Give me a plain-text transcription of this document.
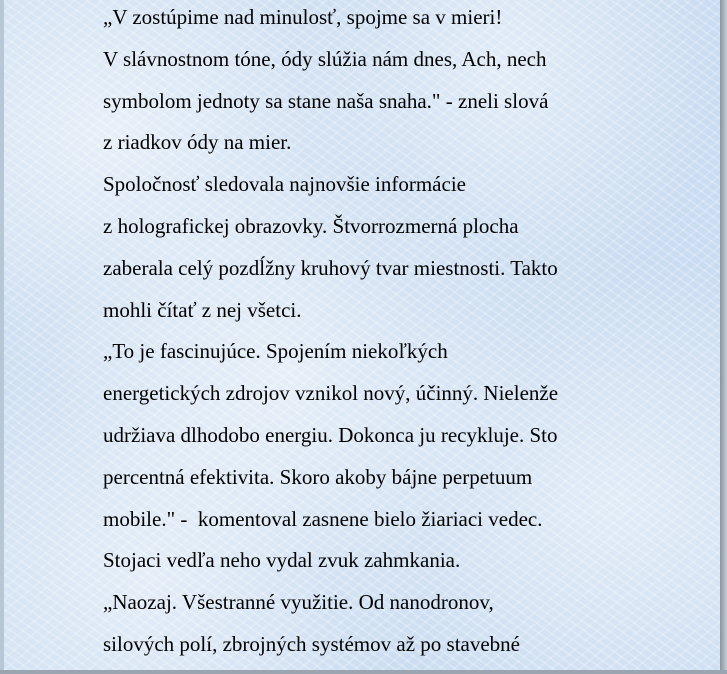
„V zostúpime nad minulosť, spojme sa v mieri!
V slávnostnom tóne, ódy slúžia nám dnes, Ach, nech
symbolom jednoty sa stane naša snaha." - zneli slová
z riadkov ódy na mier.
Spoločnosť sledovala najnovšie informácie
z holografickej obrazovky. Štvorrozmerná plocha
zaberala celý pozdĺžny kruhový tvar miestnosti. Takto
mohli čítať z nej všetci.
„To je fascinujúce. Spojením niekoľkých
energetických zdrojov vznikol nový, účinný. Nielenže
udržiava dlhodobo energiu. Dokonca ju recykluje. Sto
percentná efektivita. Skoro akoby bájne perpetuum
mobile." -  komentoval zasnene bielo žiariaci vedec.
Stojaci vedľa neho vydal zvuk zahmkania.
„Naozaj. Všestranné využitie. Od nanodronov,
silových polí, zbrojných systémov až po stavebné
